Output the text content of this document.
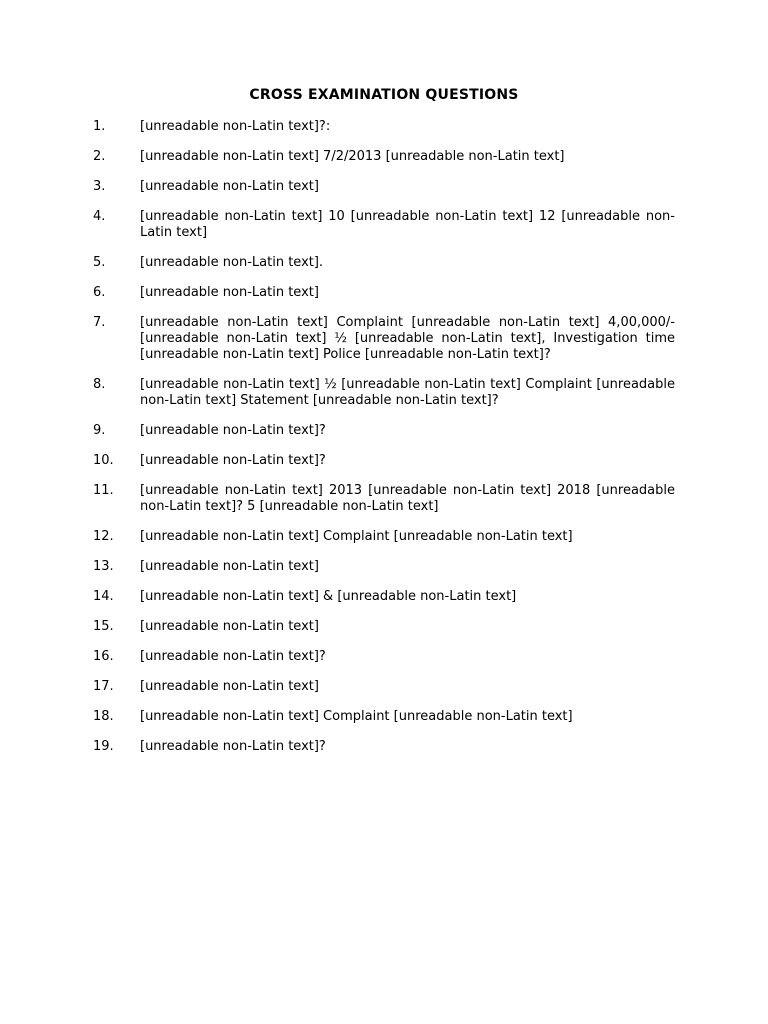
CROSS EXAMINATION QUESTIONS
1.	[unreadable non-Latin text]?:
2.	[unreadable non-Latin text] 7/2/2013 [unreadable non-Latin text]
3.	[unreadable non-Latin text]
4.	[unreadable non-Latin text] 10 [unreadable non-Latin text] 12 [unreadable non-Latin text]
5.	[unreadable non-Latin text].
6.	[unreadable non-Latin text]
7.	[unreadable non-Latin text] Complaint [unreadable non-Latin text] 4,00,000/- [unreadable non-Latin text] ½ [unreadable non-Latin text], Investigation time [unreadable non-Latin text] Police [unreadable non-Latin text]?
8.	[unreadable non-Latin text] ½ [unreadable non-Latin text] Complaint [unreadable non-Latin text] Statement [unreadable non-Latin text]?
9.	[unreadable non-Latin text]?
10.	[unreadable non-Latin text]?
11.	[unreadable non-Latin text] 2013 [unreadable non-Latin text] 2018 [unreadable non-Latin text]? 5 [unreadable non-Latin text]
12.	[unreadable non-Latin text] Complaint [unreadable non-Latin text]
13.	[unreadable non-Latin text]
14.	[unreadable non-Latin text] & [unreadable non-Latin text]
15.	[unreadable non-Latin text]
16.	[unreadable non-Latin text]?
17.	[unreadable non-Latin text]
18.	[unreadable non-Latin text] Complaint [unreadable non-Latin text]
19.	[unreadable non-Latin text]?
